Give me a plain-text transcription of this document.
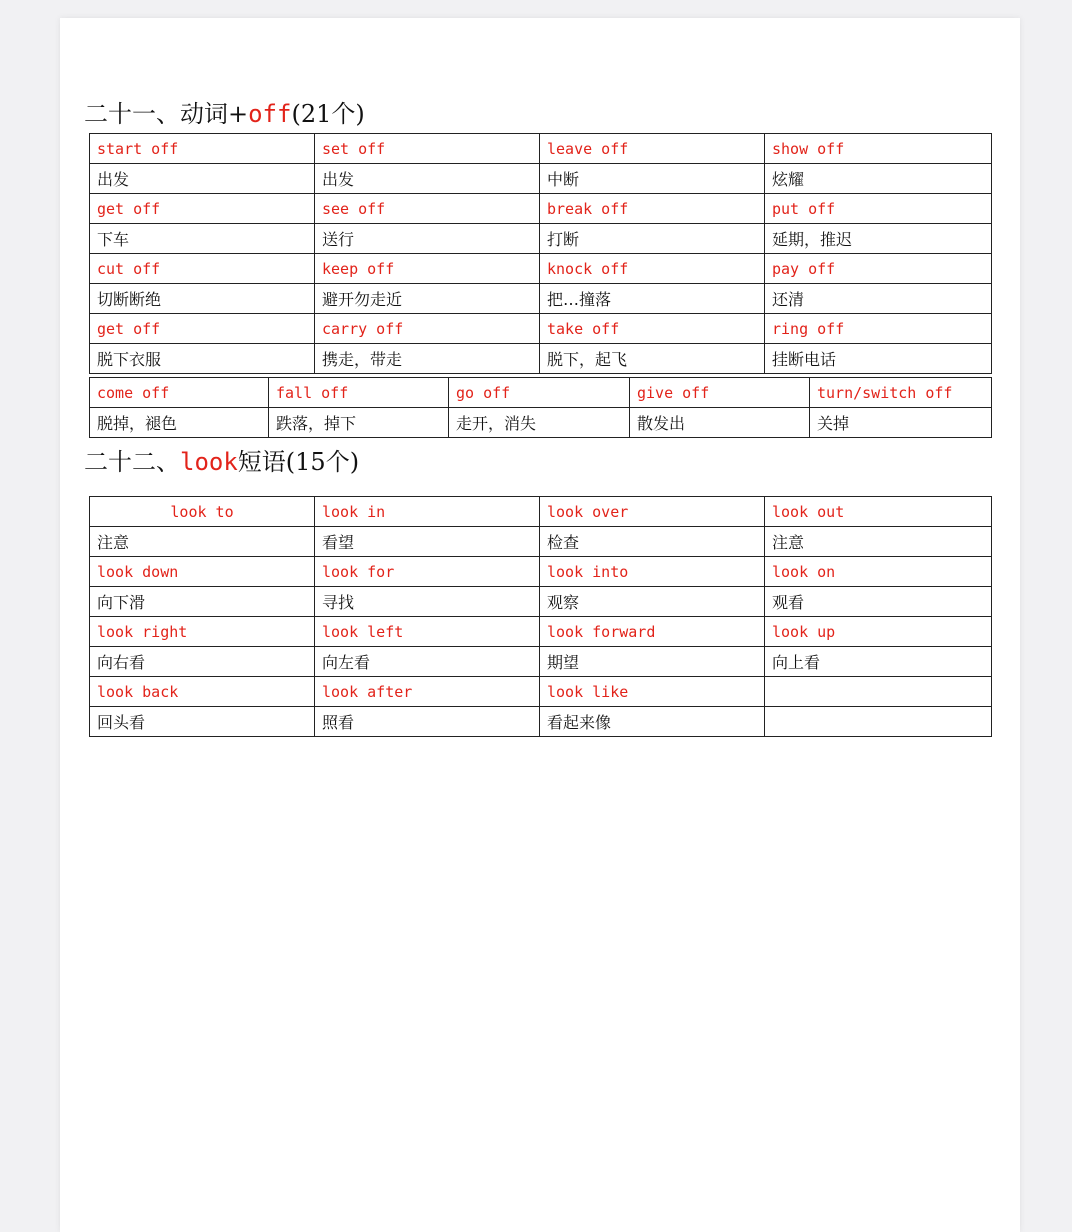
二十一、动词+off(21个)
start off	set off	leave off	show off
出发	出发	中断	炫耀
get off	see off	break off	put off
下车	送行	打断	延期，推迟
cut off	keep off	knock off	pay off
切断断绝	避开勿走近	把…撞落	还清
get off	carry off	take off	ring off
脱下衣服	携走，带走	脱下，起飞	挂断电话
come off	fall off	go off	give off	turn/switch off
脱掉，褪色	跌落，掉下	走开，消失	散发出	关掉
二十二、look短语(15个)
look to	look in	look over	look out
注意	看望	检查	注意
look down	look for	look into	look on
向下滑	寻找	观察	观看
look right	look left	look forward	look up
向右看	向左看	期望	向上看
look back	look after	look like	
回头看	照看	看起来像	
